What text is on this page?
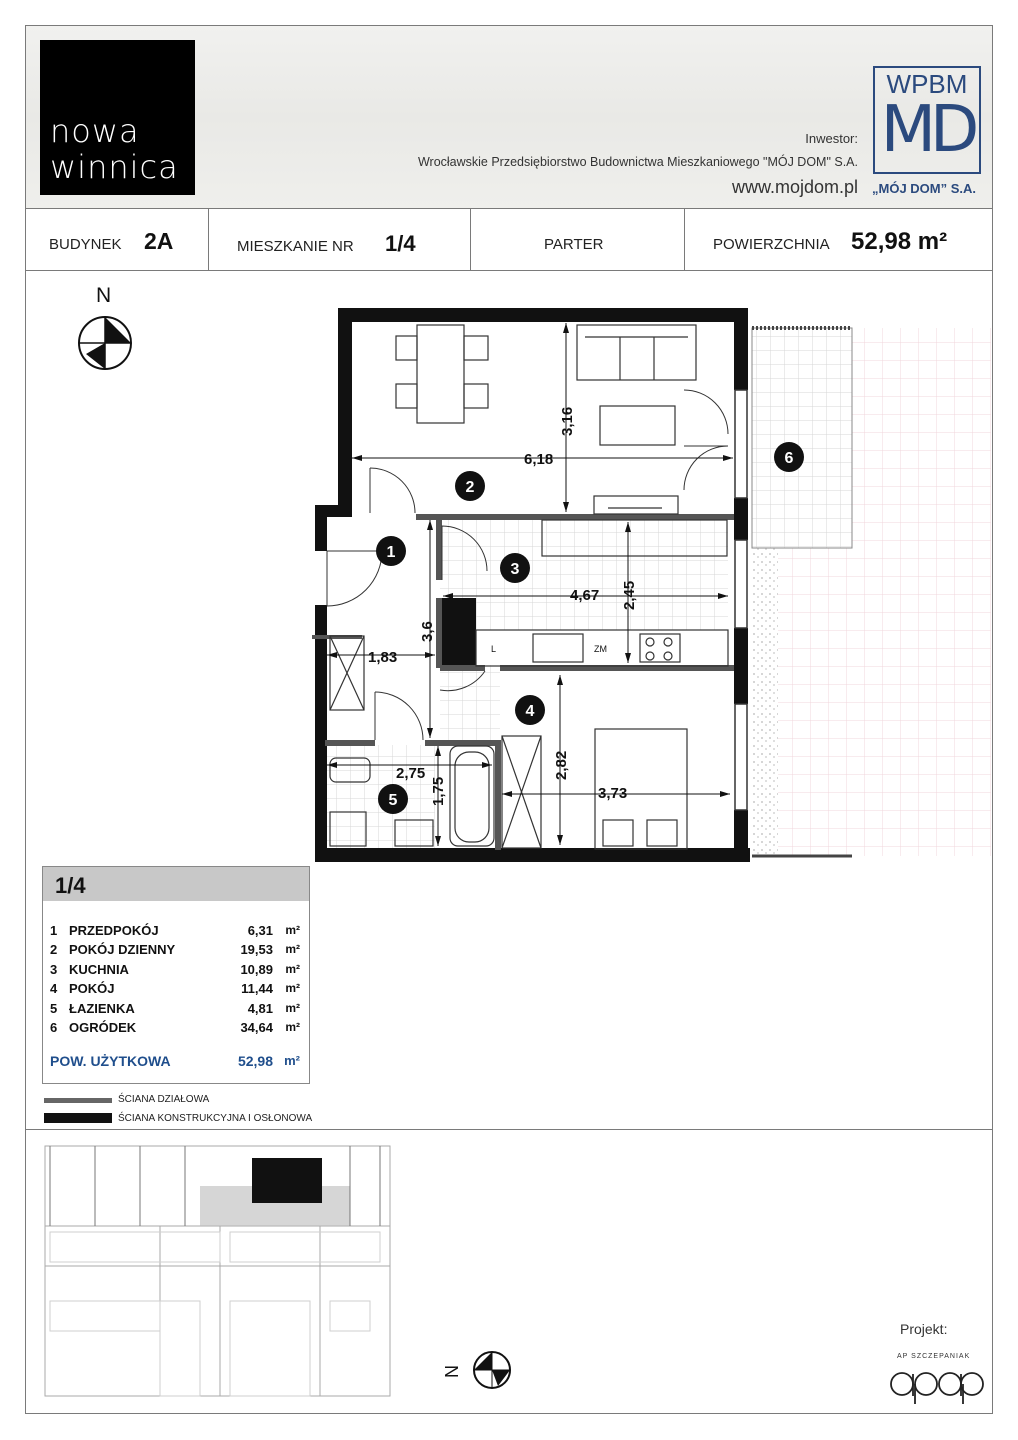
nowa
winnica
Inwestor:
Wrocławskie Przedsiębiorstwo Budownictwa Mieszkaniowego "MÓJ DOM" S.A.
www.mojdom.pl
WPBM
MD
„MÓJ DOM” S.A.
BUDYNEK 2A	MIESZKANIE NR 1/4	PARTER	POWIERZCHNIA 52,98 m²
N
6,18
3,16
4,67 2,45
3,6
1,83
2,75
1,75
2,82
3,73
L	ZM
1
2
3
4
5
6
1/4
1 PRZEDPOKÓJ	6,31 m²
2 POKÓJ DZIENNY	19,53 m²
3 KUCHNIA	10,89 m²
4 POKÓJ	11,44 m²
5 ŁAZIENKA	4,81 m²
6 OGRÓDEK	34,64 m²
POW. UŻYTKOWA	52,98 m²
ŚCIANA DZIAŁOWA
ŚCIANA KONSTRUKCYJNA I OSŁONOWA
N
Projekt:
AP SZCZEPANIAK
